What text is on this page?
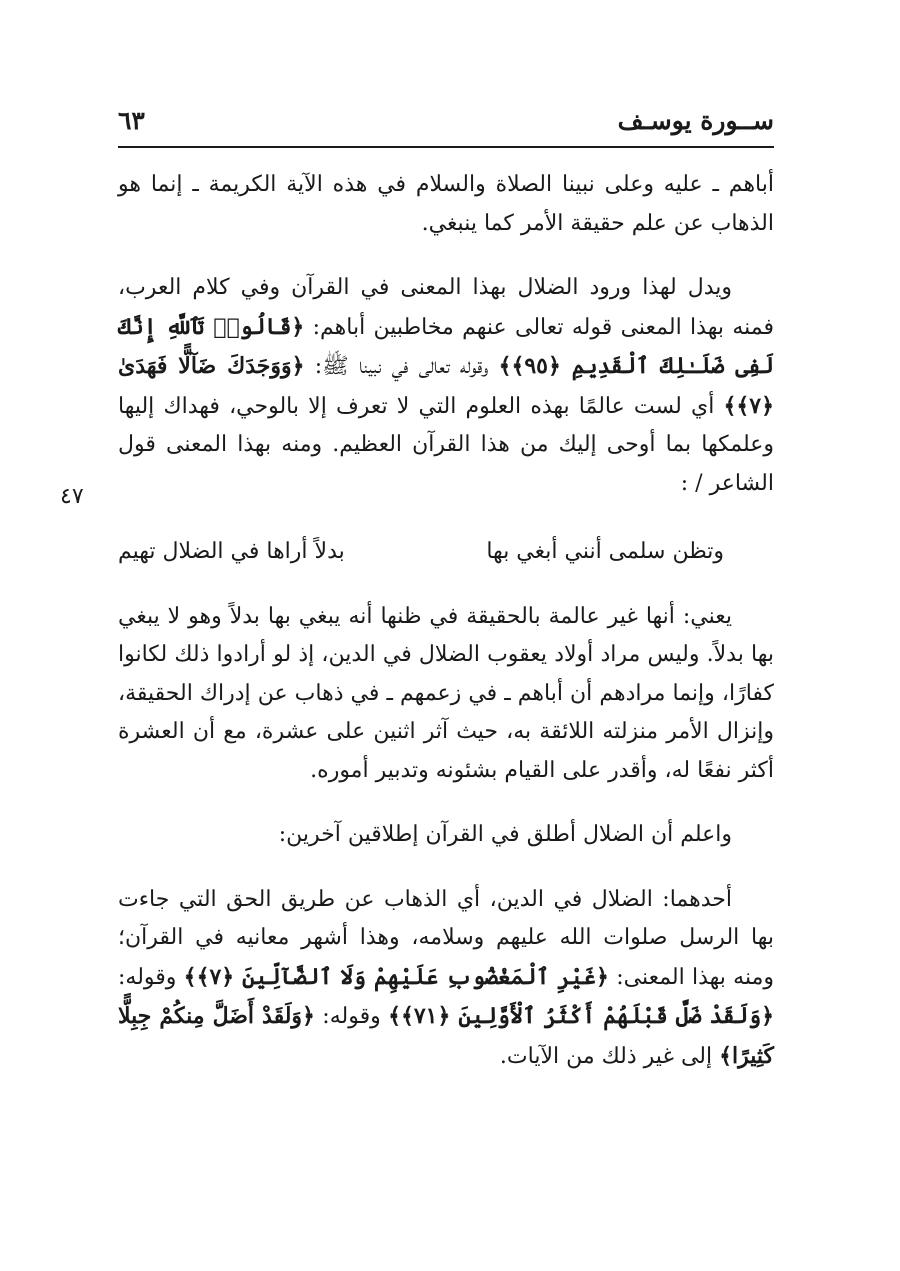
ســورة يوسـف
٦٣
٤٧

أباهم ـ عليه وعلى نبينا الصلاة والسلام في هذه الآية الكريمة ـ إنما هو الذهاب عن علم حقيقة الأمر كما ينبغي.

ويدل لهذا ورود الضلال بهذا المعنى في القرآن وفي كلام العرب، فمنه بهذا المعنى قوله تعالى عنهم مخاطبين أباهم: ﴿قَالُوا۟ تَٱللَّهِ إِنَّكَ لَفِى ضَلَـٰلِكَ ٱلْقَدِيمِ ﴿٩٥﴾﴾ وقوله تعالى في نبينا ﷺ: ﴿وَوَجَدَكَ ضَآلًّا فَهَدَىٰ ﴿٧﴾﴾ أي لست عالمًا بهذه العلوم التي لا تعرف إلا بالوحي، فهداك إليها وعلمكها بما أوحى إليك من هذا القرآن العظيم. ومنه بهذا المعنى قول الشاعر / :

وتظن سلمى أنني أبغي بها
بدلاً أراها في الضلال تهيم

يعني: أنها غير عالمة بالحقيقة في ظنها أنه يبغي بها بدلاً وهو لا يبغي بها بدلاً. وليس مراد أولاد يعقوب الضلال في الدين، إذ لو أرادوا ذلك لكانوا كفارًا، وإنما مرادهم أن أباهم ـ في زعمهم ـ في ذهاب عن إدراك الحقيقة، وإنزال الأمر منزلته اللائقة به، حيث آثر اثنين على عشرة، مع أن العشرة أكثر نفعًا له، وأقدر على القيام بشئونه وتدبير أموره.

واعلم أن الضلال أطلق في القرآن إطلاقين آخرين:

أحدهما: الضلال في الدين، أي الذهاب عن طريق الحق التي جاءت بها الرسل صلوات الله عليهم وسلامه، وهذا أشهر معانيه في القرآن؛ ومنه بهذا المعنى: ﴿غَيْرِ ٱلْمَغْضُوبِ عَلَيْهِمْ وَلَا ٱلضَّآلِّينَ ﴿٧﴾﴾ وقوله: ﴿وَلَقَدْ ضَلَّ قَبْلَهُمْ أَكْثَرُ ٱلْأَوَّلِينَ ﴿٧١﴾﴾ وقوله: ﴿وَلَقَدْ أَضَلَّ مِنكُمْ جِبِلًّا كَثِيرًا﴾ إلى غير ذلك من الآيات.
